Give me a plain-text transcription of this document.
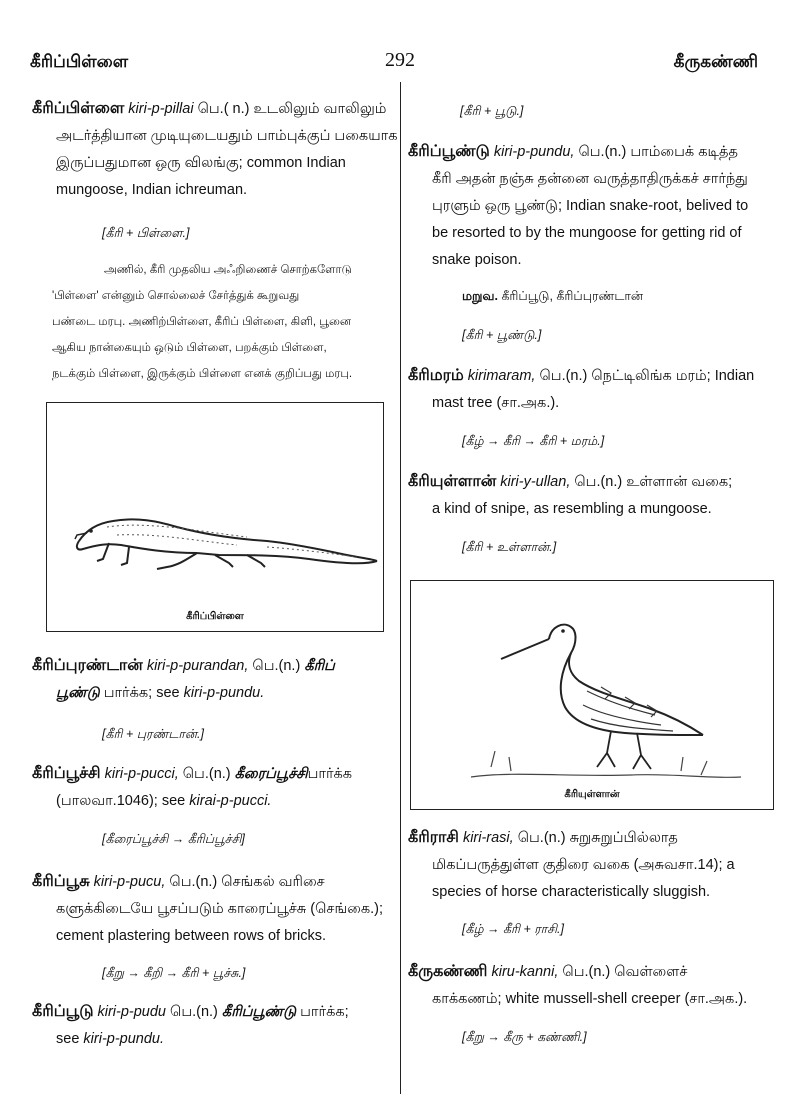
கீரிப்பிள்ளை	292	கீருகண்ணி
கீரிப்பிள்ளை kiri-p-pillai பெ.( n.) உடலிலும் வாலிலும்
அடர்த்தியான முடியுடையதும் பாம்புக்குப் பகையாக
இருப்பதுமான ஒரு விலங்கு; common Indian
mungoose, Indian ichreuman.
[கீரி + பிள்ளை.]
அணில், கீரி முதலிய அஃறிணைச் சொற்களோடு
'பிள்ளை' என்னும் சொல்லைச் சேர்த்துக் கூறுவது
பண்டை மரபு. அணிற்பிள்ளை, கீரிப் பிள்ளை, கிளி, பூனை
ஆகிய நான்கையும் ஒடும் பிள்ளை, பறக்கும் பிள்ளை,
நடக்கும் பிள்ளை, இருக்கும் பிள்ளை எனக் குறிப்பது மரபு.
கீரிப்பிள்ளை
கீரிப்புரண்டான் kiri-p-purandan, பெ.(n.) கீரிப்
பூண்டு பார்க்க; see kiri-p-pundu.
[கீரி + புரண்டான்.]
கீரிப்பூச்சி kiri-p-pucci, பெ.(n.) கீரைப்பூச்சிபார்க்க
(பாலவா.1046); see kirai-p-pucci.
[கீரைப்பூச்சி → கீரிப்பூச்சி]
கீரிப்பூசு kiri-p-pucu, பெ.(n.) செங்கல் வரிசை
களுக்கிடையே பூசப்படும் காரைப்பூச்சு (செங்கை.);
cement plastering between rows of bricks.
[கீறு → கீறி → கீரி + பூச்சு.]
கீரிப்பூடு kiri-p-pudu பெ.(n.) கீரிப்பூண்டு பார்க்க;
see kiri-p-pundu.
[கீரி + பூடு.]
கீரிப்பூண்டு kiri-p-pundu, பெ.(n.) பாம்பைக் கடித்த
கீரி அதன் நஞ்சு தன்னை வருத்தாதிருக்கச் சார்ந்து
புரளும் ஒரு பூண்டு; Indian snake-root, belived to
be resorted to by the mungoose for getting rid of
snake poison.
மறுவ. கீரிப்பூடு, கீரிப்புரண்டான்
[கீரி + பூண்டு.]
கீரிமரம் kirimaram, பெ.(n.) நெட்டிலிங்க மரம்; Indian
mast tree (சா.அக.).
[கீழ் → கீரி → கீரி + மரம்.]
கீரியுள்ளான் kiri-y-ullan, பெ.(n.) உள்ளான் வகை;
a kind of snipe, as resembling a mungoose.
[கீரி + உள்ளான்.]
கீரியுள்ளான்
கீரிராசி kiri-rasi, பெ.(n.) சுறுசுறுப்பில்லாத
மிகப்பருத்துள்ள குதிரை வகை (அசுவசா.14); a
species of horse characteristically sluggish.
[கீழ் → கீரி + ராசி.]
கீருகண்ணி kiru-kanni, பெ.(n.) வெள்ளைச்
காக்கணம்; white mussell-shell creeper (சா.அக.).
[கீறு → கீரு + கண்ணி.]
